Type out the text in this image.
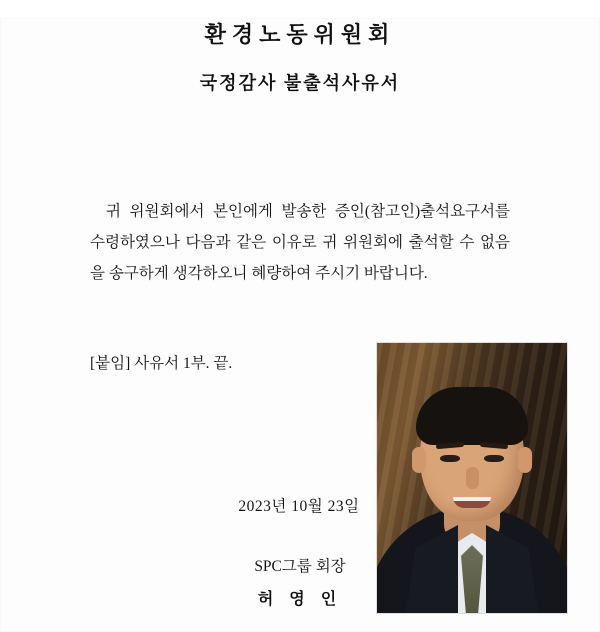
환경노동위원회
국정감사 불출석사유서

귀 위원회에서 본인에게 발송한 증인(참고인)출석요구서를 수령하였으나 다음과 같은 이유로 귀 위원회에 출석할 수 없음을 송구하게 생각하오니 혜량하여 주시기 바랍니다.

[붙임] 사유서 1부. 끝.
2023년 10월 23일
SPC그룹 회장
허 영 인
